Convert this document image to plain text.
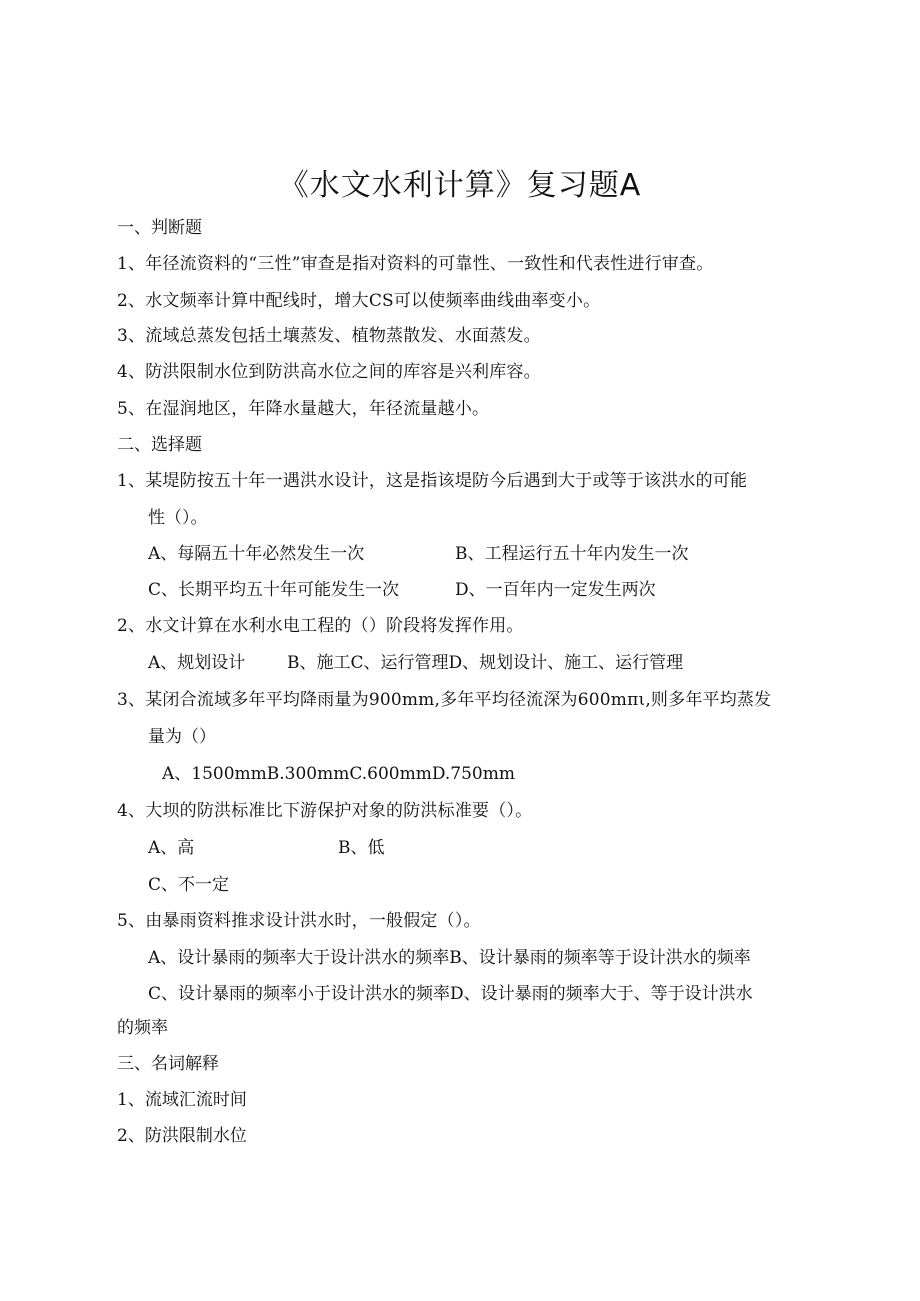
《水文水利计算》复习题A
一、判断题
1、年径流资料的“三性”审查是指对资料的可靠性、一致性和代表性进行审查。
2、水文频率计算中配线时，增大CS可以使频率曲线曲率变小。
3、流域总蒸发包括土壤蒸发、植物蒸散发、水面蒸发。
4、防洪限制水位到防洪高水位之间的库容是兴利库容。
5、在湿润地区，年降水量越大，年径流量越小。
二、选择题
1、某堤防按五十年一遇洪水设计，这是指该堤防今后遇到大于或等于该洪水的可能
性（）。
A、每隔五十年必然发生一次	B、工程运行五十年内发生一次
C、长期平均五十年可能发生一次	D、一百年内一定发生两次
2、水文计算在水利水电工程的（）阶段将发挥作用。
A、规划设计 B、施工C、运行管理D、规划设计、施工、运行管理
3、某闭合流域多年平均降雨量为900mm,多年平均径流深为600mπι,则多年平均蒸发
量为（）
A、1500mmB.300mmC.600mmD.750mm
4、大坝的防洪标准比下游保护对象的防洪标准要（）。
A、高	B、低
C、不一定
5、由暴雨资料推求设计洪水时，一般假定（）。
A、设计暴雨的频率大于设计洪水的频率B、设计暴雨的频率等于设计洪水的频率
C、设计暴雨的频率小于设计洪水的频率D、设计暴雨的频率大于、等于设计洪水
的频率
三、名词解释
1、流域汇流时间
2、防洪限制水位
